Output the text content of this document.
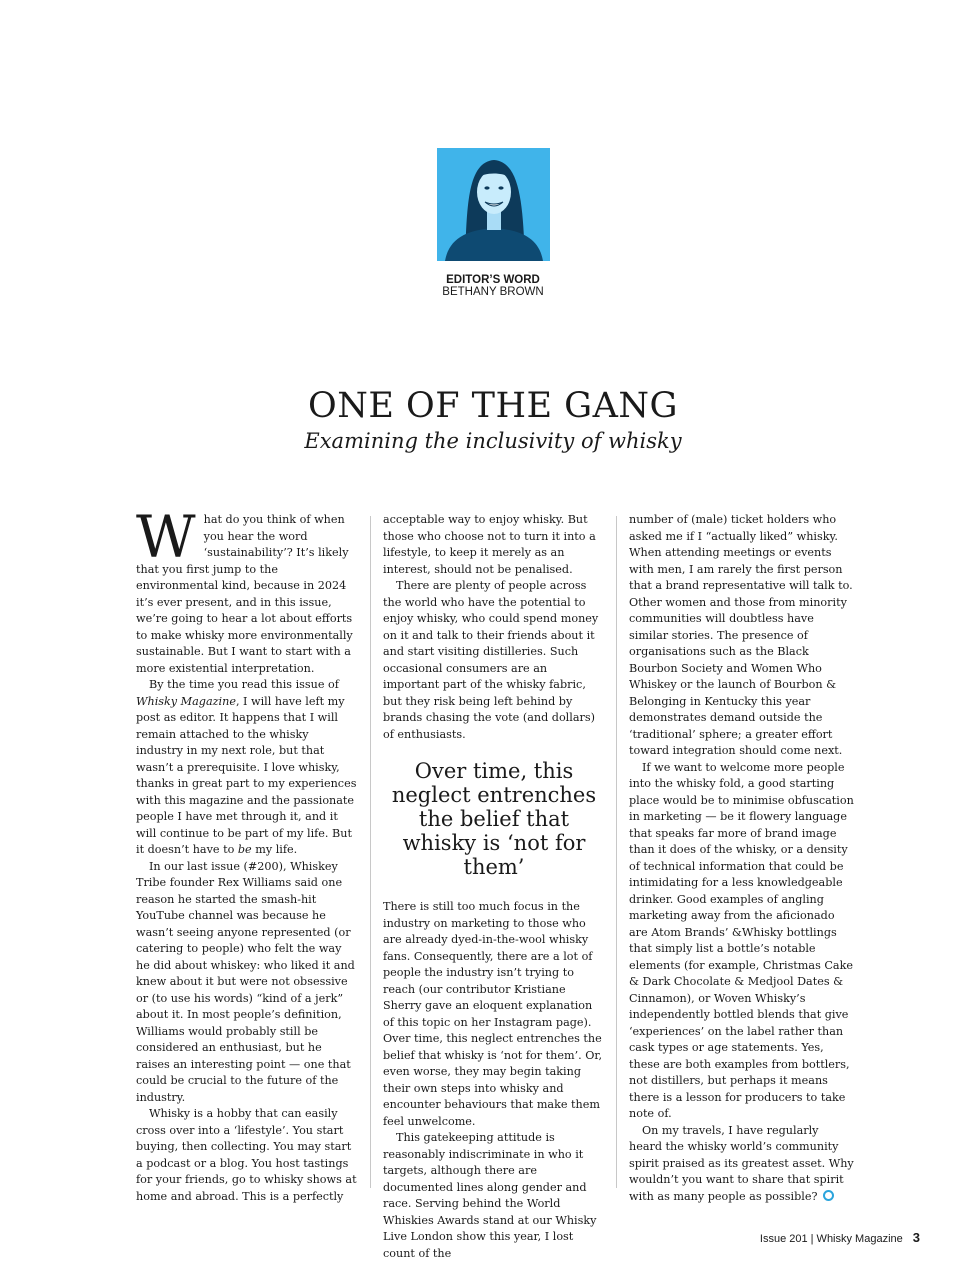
EDITOR’S WORD
BETHANY BROWN
ONE OF THE GANG
Examining the inclusivity of whisky

What do you think of when you hear the word ‘sustainability’? It’s likely that you first jump to the environmental kind, because in 2024 it’s ever present, and in this issue, we’re going to hear a lot about efforts to make whisky more environmentally sustainable. But I want to start with a more existential interpretation.

By the time you read this issue of Whisky Magazine, I will have left my post as editor. It happens that I will remain attached to the whisky industry in my next role, but that wasn’t a prerequisite. I love whisky, thanks in great part to my experiences with this magazine and the passionate people I have met through it, and it will continue to be part of my life. But it doesn’t have to be my life.

In our last issue (#200), Whiskey Tribe founder Rex Williams said one reason he started the smash-hit YouTube channel was because he wasn’t seeing anyone represented (or catering to people) who felt the way he did about whiskey: who liked it and knew about it but were not obsessive or (to use his words) “kind of a jerk” about it. In most people’s definition, Williams would probably still be considered an enthusiast, but he raises an interesting point — one that could be crucial to the future of the industry.

Whisky is a hobby that can easily cross over into a ‘lifestyle’. You start buying, then collecting. You may start a podcast or a blog. You host tastings for your friends, go to whisky shows at home and abroad. This is a perfectly

acceptable way to enjoy whisky. But those who choose not to turn it into a lifestyle, to keep it merely as an interest, should not be penalised.

There are plenty of people across the world who have the potential to enjoy whisky, who could spend money on it and talk to their friends about it and start visiting distilleries. Such occasional consumers are an important part of the whisky fabric, but they risk being left behind by brands chasing the vote (and dollars) of enthusiasts.

Over time, this neglect entrenches the belief that whisky is ‘not for them’

There is still too much focus in the industry on marketing to those who are already dyed-in-the-wool whisky fans. Consequently, there are a lot of people the industry isn’t trying to reach (our contributor Kristiane Sherry gave an eloquent explanation of this topic on her Instagram page). Over time, this neglect entrenches the belief that whisky is ‘not for them’. Or, even worse, they may begin taking their own steps into whisky and encounter behaviours that make them feel unwelcome.

This gatekeeping attitude is reasonably indiscriminate in who it targets, although there are documented lines along gender and race. Serving behind the World Whiskies Awards stand at our Whisky Live London show this year, I lost count of the

number of (male) ticket holders who asked me if I “actually liked” whisky. When attending meetings or events with men, I am rarely the first person that a brand representative will talk to. Other women and those from minority communities will doubtless have similar stories. The presence of organisations such as the Black Bourbon Society and Women Who Whiskey or the launch of Bourbon & Belonging in Kentucky this year demonstrates demand outside the ‘traditional’ sphere; a greater effort toward integration should come next.

If we want to welcome more people into the whisky fold, a good starting place would be to minimise obfuscation in marketing — be it flowery language that speaks far more of brand image than it does of the whisky, or a density of technical information that could be intimidating for a less knowledgeable drinker. Good examples of angling marketing away from the aficionado are Atom Brands’ &Whisky bottlings that simply list a bottle’s notable elements (for example, Christmas Cake & Dark Chocolate & Medjool Dates & Cinnamon), or Woven Whisky’s independently bottled blends that give ‘experiences’ on the label rather than cask types or age statements. Yes, these are both examples from bottlers, not distillers, but perhaps it means there is a lesson for producers to take note of.

On my travels, I have regularly heard the whisky world’s community spirit praised as its greatest asset. Why wouldn’t you want to share that spirit with as many people as possible?

Issue 201 | Whisky Magazine 3
